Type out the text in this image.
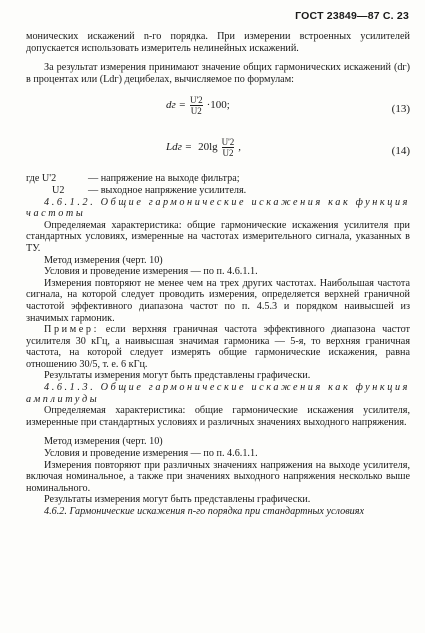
ГОСТ 23849—87 С. 23

монических искажений n-го порядка. При измерении встроенных усилителей допускается использовать измеритель нелинейных искажений.

За результат измерения принимают значение общих гармонических искажений (dг) в процентах или (Ldг) децибелах, вычисляемое по формулам:

dг = $\frac{U'2}{U2} \cdot 100$;	(13)
Ldг = $20\lg \frac{U'2}{U2}$ ,	(14)
где U'2	— напряжение на выходе фильтра;
U2	— выходное напряжение усилителя.

4.6.1.2. Общие гармонические искажения как функция частоты

Определяемая характеристика: общие гармонические искажения усилителя при стандартных условиях, измеренные на частотах измерительного сигнала, указанных в ТУ.

Метод измерения (черт. 10)

Условия и проведение измерения — по п. 4.6.1.1.

Измерения повторяют не менее чем на трех других частотах. Наибольшая частота сигнала, на которой следует проводить измерения, определяется верхней граничной частотой эффективного диапазона частот по п. 4.5.3 и порядком наивысшей из значимых гармоник.

Пример: если верхняя граничная частота эффективного диапазона частот усилителя 30 кГц, а наивысшая значимая гармоника — 5-я, то верхняя граничная частота, на которой следует измерять общие гармонические искажения, равна отношению 30/5, т. е. 6 кГц.

Результаты измерения могут быть представлены графически.

4.6.1.3. Общие гармонические искажения как функция амплитуды

Определяемая характеристика: общие гармонические искажения усилителя, измеренные при стандартных условиях и различных значениях выходного напряжения.

Метод измерения (черт. 10)

Условия и проведение измерения — по п. 4.6.1.1.

Измерения повторяют при различных значениях напряжения на выходе усилителя, включая номинальное, а также при значениях выходного напряжения несколько выше номинального.

Результаты измерения могут быть представлены графически.

4.6.2. Гармонические искажения n-го порядка при стандартных условиях
